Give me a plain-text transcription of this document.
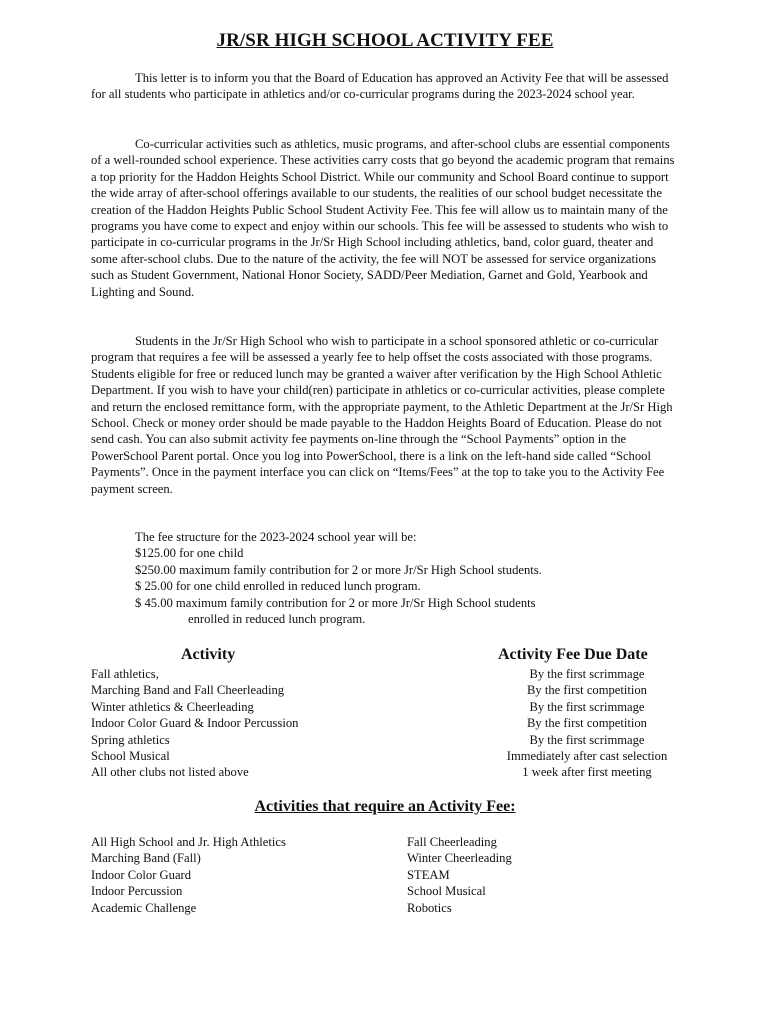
JR/SR HIGH SCHOOL ACTIVITY FEE

This letter is to inform you that the Board of Education has approved an Activity Fee that will be assessed for all students who participate in athletics and/or co-curricular programs during the 2023-2024 school year.

Co-curricular activities such as athletics, music programs, and after-school clubs are essential components of a well-rounded school experience. These activities carry costs that go beyond the academic program that remains a top priority for the Haddon Heights School District. While our community and School Board continue to support the wide array of after-school offerings available to our students, the realities of our school budget necessitate the creation of the Haddon Heights Public School Student Activity Fee. This fee will allow us to maintain many of the programs you have come to expect and enjoy within our schools. This fee will be assessed to students who wish to participate in co-curricular programs in the Jr/Sr High School including athletics, band, color guard, theater and some after-school clubs. Due to the nature of the activity, the fee will NOT be assessed for service organizations such as Student Government, National Honor Society, SADD/Peer Mediation, Garnet and Gold, Yearbook and Lighting and Sound.

Students in the Jr/Sr High School who wish to participate in a school sponsored athletic or co-curricular program that requires a fee will be assessed a yearly fee to help offset the costs associated with those programs. Students eligible for free or reduced lunch may be granted a waiver after verification by the High School Athletic Department. If you wish to have your child(ren) participate in athletics or co-curricular activities, please complete and return the enclosed remittance form, with the appropriate payment, to the Athletic Department at the Jr/Sr High School. Check or money order should be made payable to the Haddon Heights Board of Education. Please do not send cash. You can also submit activity fee payments on-line through the “School Payments” option in the PowerSchool Parent portal. Once you log into PowerSchool, there is a link on the left-hand side called “School Payments”. Once in the payment interface you can click on “Items/Fees” at the top to take you to the Activity Fee payment screen.

The fee structure for the 2023-2024 school year will be:
$125.00 for one child
$250.00 maximum family contribution for 2 or more Jr/Sr High School students.
$ 25.00 for one child enrolled in reduced lunch program.
$ 45.00 maximum family contribution for 2 or more Jr/Sr High School students
enrolled in reduced lunch program.
Activity	Activity Fee Due Date
Fall athletics,
Marching Band and Fall Cheerleading
Winter athletics & Cheerleading
Indoor Color Guard & Indoor Percussion
Spring athletics
School Musical
All other clubs not listed above
By the first scrimmage
By the first competition
By the first scrimmage
By the first competition
By the first scrimmage
Immediately after cast selection
1 week after first meeting
Activities that require an Activity Fee:
All High School and Jr. High Athletics
Marching Band (Fall)
Indoor Color Guard
Indoor Percussion
Academic Challenge
Fall Cheerleading
Winter Cheerleading
STEAM
School Musical
Robotics
